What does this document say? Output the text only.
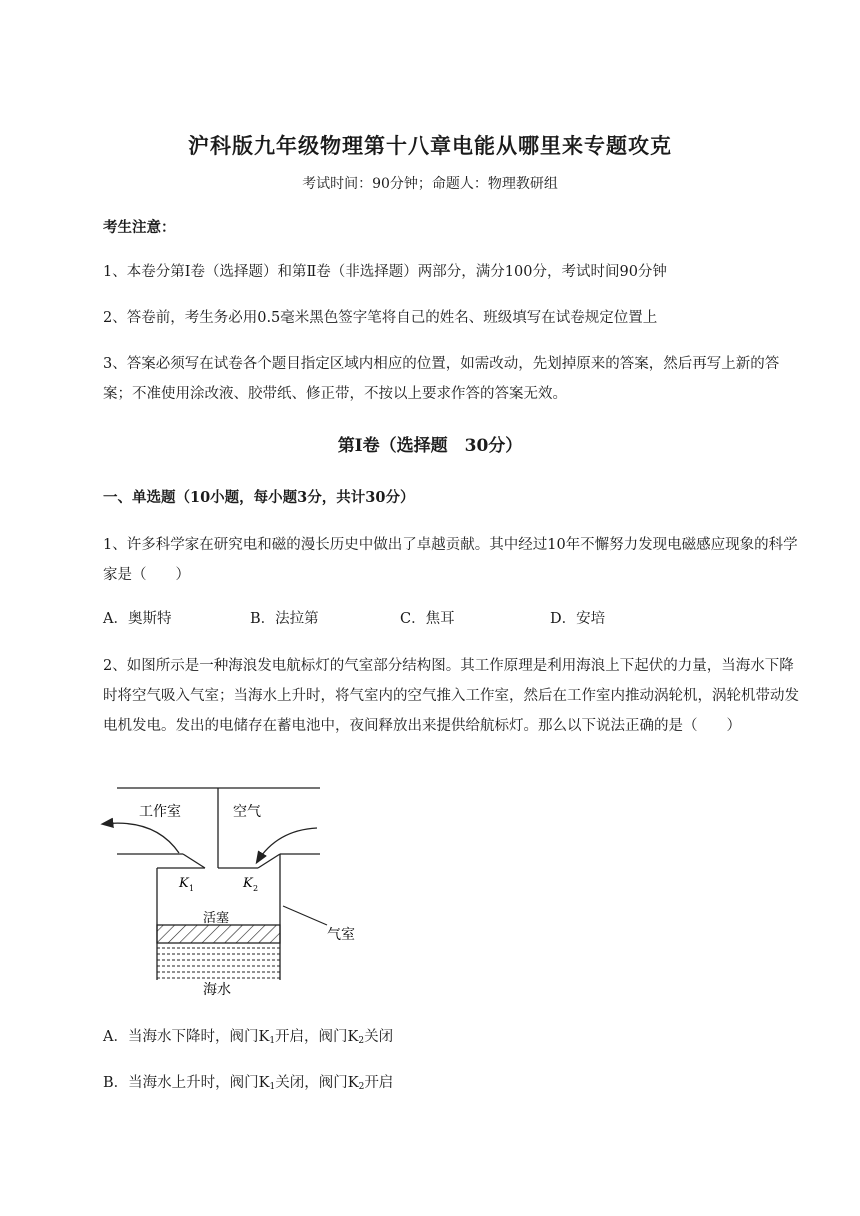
沪科版九年级物理第十八章电能从哪里来专题攻克
考试时间：90分钟；命题人：物理教研组

考生注意：

1、本卷分第Ⅰ卷（选择题）和第Ⅱ卷（非选择题）两部分，满分100分，考试时间90分钟

2、答卷前，考生务必用0.5毫米黑色签字笔将自己的姓名、班级填写在试卷规定位置上

3、答案必须写在试卷各个题目指定区域内相应的位置，如需改动，先划掉原来的答案，然后再写上新的答案；不准使用涂改液、胶带纸、修正带，不按以上要求作答的答案无效。

第Ⅰ卷（选择题　30分）

一、单选题（10小题，每小题3分，共计30分）

1、许多科学家在研究电和磁的漫长历史中做出了卓越贡献。其中经过10年不懈努力发现电磁感应现象的科学家是（　　）

A．奥斯特	B．法拉第	C．焦耳	D．安培

2、如图所示是一种海浪发电航标灯的气室部分结构图。其工作原理是利用海浪上下起伏的力量，当海水下降时将空气吸入气室；当海水上升时，将气室内的空气推入工作室，然后在工作室内推动涡轮机，涡轮机带动发电机发电。发出的电储存在蓄电池中，夜间释放出来提供给航标灯。那么以下说法正确的是（　　）

工作室	空气
K 1	K 2
活塞
气室
海水

A．当海水下降时，阀门$K_1$开启，阀门$K_2$关闭

B．当海水上升时，阀门$K_1$关闭，阀门$K_2$开启
